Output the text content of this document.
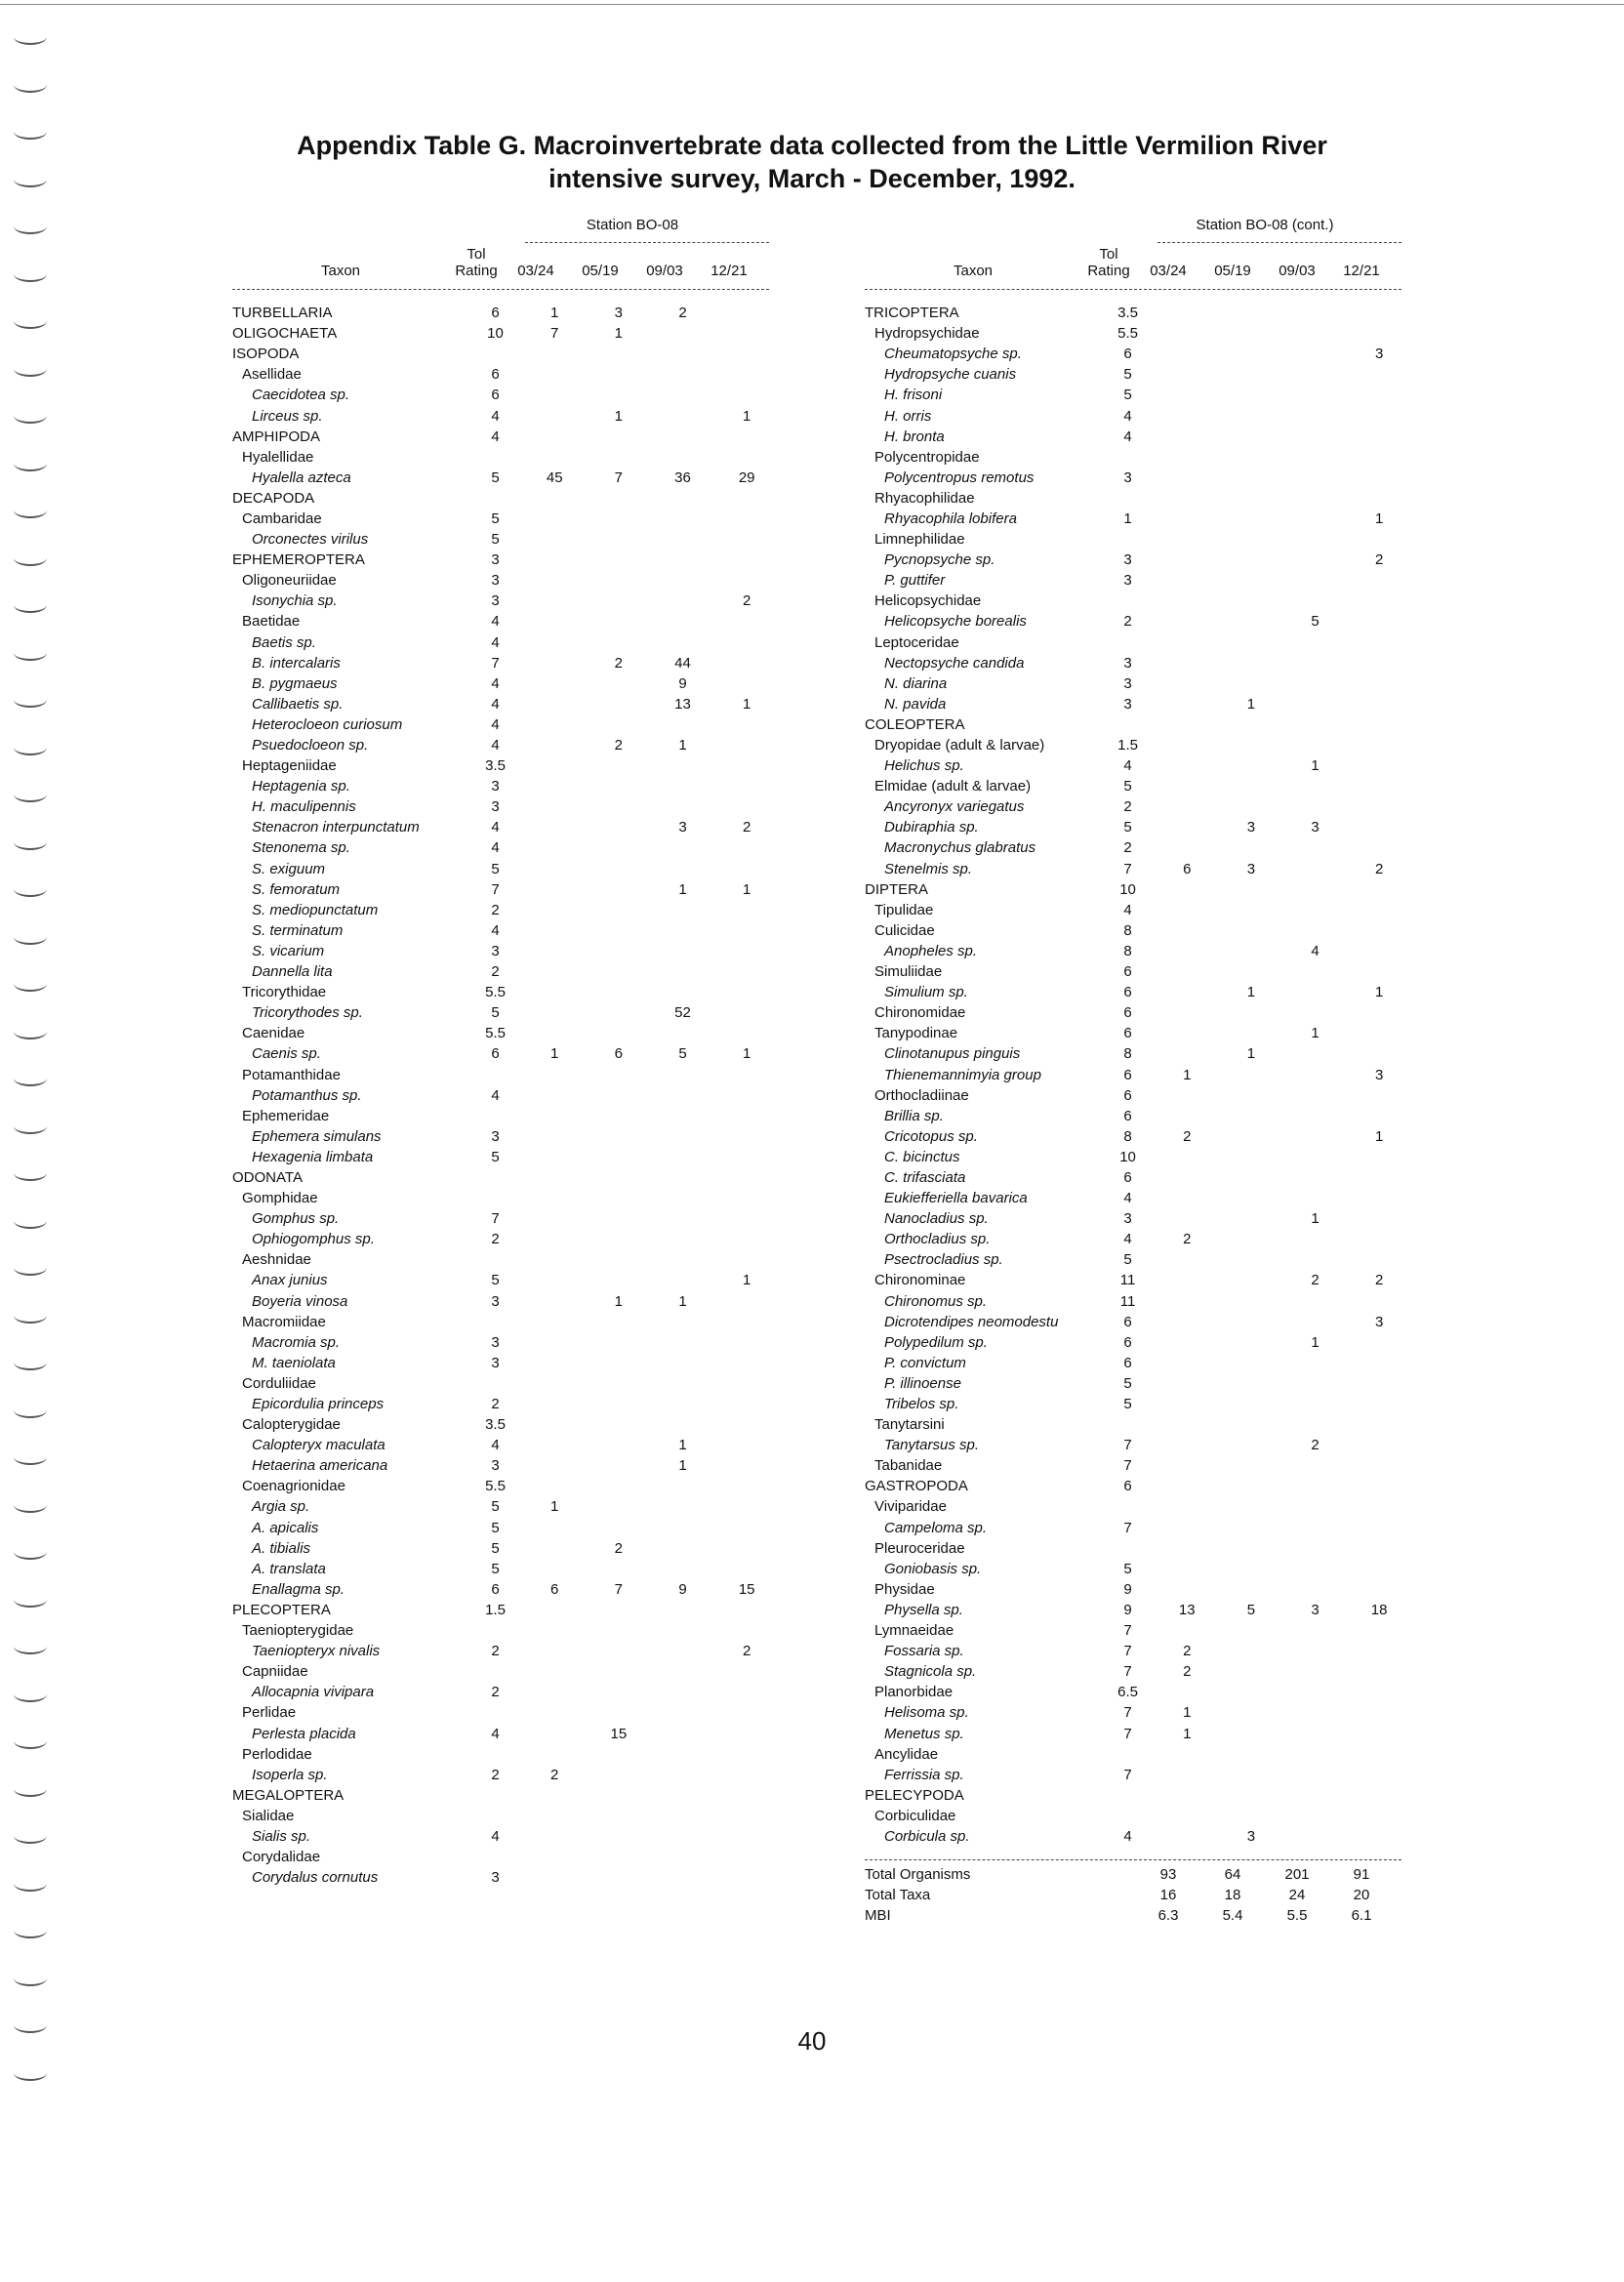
Appendix Table G. Macroinvertebrate data collected from the Little Vermilion River
intensive survey, March - December, 1992.
Station BO-08
Taxon
Tol
Rating	03/24	05/19	09/03	12/21
TURBELLARIA	6	1	3	2	
OLIGOCHAETA	10	7	1		
ISOPODA					
Asellidae	6				
Caecidotea sp.	6				
Lirceus sp.	4		1		1
AMPHIPODA	4				
Hyalellidae					
Hyalella azteca	5	45	7	36	29
DECAPODA					
Cambaridae	5				
Orconectes virilus	5				
EPHEMEROPTERA	3				
Oligoneuriidae	3				
Isonychia sp.	3				2
Baetidae	4				
Baetis sp.	4				
B. intercalaris	7		2	44	
B. pygmaeus	4			9	
Callibaetis sp.	4			13	1
Heterocloeon curiosum	4				
Psuedocloeon sp.	4		2	1	
Heptageniidae	3.5				
Heptagenia sp.	3				
H. maculipennis	3				
Stenacron interpunctatum	4			3	2
Stenonema sp.	4				
S. exiguum	5				
S. femoratum	7			1	1
S. mediopunctatum	2				
S. terminatum	4				
S. vicarium	3				
Dannella lita	2				
Tricorythidae	5.5				
Tricorythodes sp.	5			52	
Caenidae	5.5				
Caenis sp.	6	1	6	5	1
Potamanthidae					
Potamanthus sp.	4				
Ephemeridae					
Ephemera simulans	3				
Hexagenia limbata	5				
ODONATA					
Gomphidae					
Gomphus sp.	7				
Ophiogomphus sp.	2				
Aeshnidae					
Anax junius	5				1
Boyeria vinosa	3		1	1	
Macromiidae					
Macromia sp.	3				
M. taeniolata	3				
Corduliidae					
Epicordulia princeps	2				
Calopterygidae	3.5				
Calopteryx maculata	4			1	
Hetaerina americana	3			1	
Coenagrionidae	5.5				
Argia sp.	5	1			
A. apicalis	5				
A. tibialis	5		2		
A. translata	5				
Enallagma sp.	6	6	7	9	15
PLECOPTERA	1.5				
Taeniopterygidae					
Taeniopteryx nivalis	2				2
Capniidae					
Allocapnia vivipara	2				
Perlidae					
Perlesta placida	4		15		
Perlodidae					
Isoperla sp.	2	2			
MEGALOPTERA					
Sialidae					
Sialis sp.	4				
Corydalidae					
Corydalus cornutus	3				
Station BO-08 (cont.)
Taxon
Tol
Rating	03/24	05/19	09/03	12/21
TRICOPTERA	3.5				
Hydropsychidae	5.5				
Cheumatopsyche sp.	6				3
Hydropsyche cuanis	5				
H. frisoni	5				
H. orris	4				
H. bronta	4				
Polycentropidae					
Polycentropus remotus	3				
Rhyacophilidae					
Rhyacophila lobifera	1				1
Limnephilidae					
Pycnopsyche sp.	3				2
P. guttifer	3				
Helicopsychidae					
Helicopsyche borealis	2			5	
Leptoceridae					
Nectopsyche candida	3				
N. diarina	3				
N. pavida	3		1		
COLEOPTERA					
Dryopidae (adult & larvae)	1.5				
Helichus sp.	4			1	
Elmidae (adult & larvae)	5				
Ancyronyx variegatus	2				
Dubiraphia sp.	5		3	3	
Macronychus glabratus	2				
Stenelmis sp.	7	6	3		2
DIPTERA	10				
Tipulidae	4				
Culicidae	8				
Anopheles sp.	8			4	
Simuliidae	6				
Simulium sp.	6		1		1
Chironomidae	6				
Tanypodinae	6			1	
Clinotanupus pinguis	8		1		
Thienemannimyia group	6	1			3
Orthocladiinae	6				
Brillia sp.	6				
Cricotopus sp.	8	2			1
C. bicinctus	10				
C. trifasciata	6				
Eukiefferiella bavarica	4				
Nanocladius sp.	3			1	
Orthocladius sp.	4	2			
Psectrocladius sp.	5				
Chironominae	11			2	2
Chironomus sp.	11				
Dicrotendipes neomodestu	6				3
Polypedilum sp.	6			1	
P. convictum	6				
P. illinoense	5				
Tribelos sp.	5				
Tanytarsini					
Tanytarsus sp.	7			2	
Tabanidae	7				
GASTROPODA	6				
Viviparidae					
Campeloma sp.	7				
Pleuroceridae					
Goniobasis sp.	5				
Physidae	9				
Physella sp.	9	13	5	3	18
Lymnaeidae	7				
Fossaria sp.	7	2			
Stagnicola sp.	7	2			
Planorbidae	6.5				
Helisoma sp.	7	1			
Menetus sp.	7	1			
Ancylidae					
Ferrissia sp.	7				
PELECYPODA					
Corbiculidae					
Corbicula sp.	4		3		
Total Organisms	93	64	201	91
Total Taxa	16	18	24	20
MBI	6.3	5.4	5.5	6.1
40
